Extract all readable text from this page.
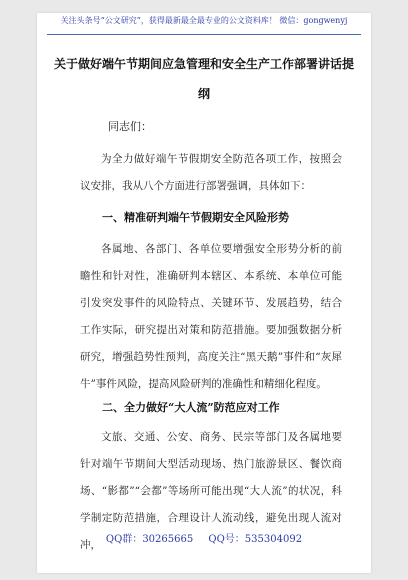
关注头条号“公文研究”，获得最新最全最专业的公文资料库！ 微信：gongwenyj
关于做好端午节期间应急管理和安全生产工作部署讲话提纲
同志们：
为全力做好端午节假期安全防范各项工作，按照会议安排，我从八个方面进行部署强调，具体如下：
一、精准研判端午节假期安全风险形势
各属地、各部门、各单位要增强安全形势分析的前瞻性和针对性，准确研判本辖区、本系统、本单位可能引发突发事件的风险特点、关键环节、发展趋势，结合工作实际，研究提出对策和防范措施。要加强数据分析研究，增强趋势性预判，高度关注“黑天鹅”事件和“灰犀牛”事件风险，提高风险研判的准确性和精细化程度。
二、全力做好“大人流”防范应对工作
文旅、交通、公安、商务、民宗等部门及各属地要针对端午节期间大型活动现场、热门旅游景区、餐饮商场、“影都”“会都”等场所可能出现“大人流”的状况，科学制定防范措施，合理设计人流动线，避免出现人流对冲， QQ群：30265665 QQ号：535304092
